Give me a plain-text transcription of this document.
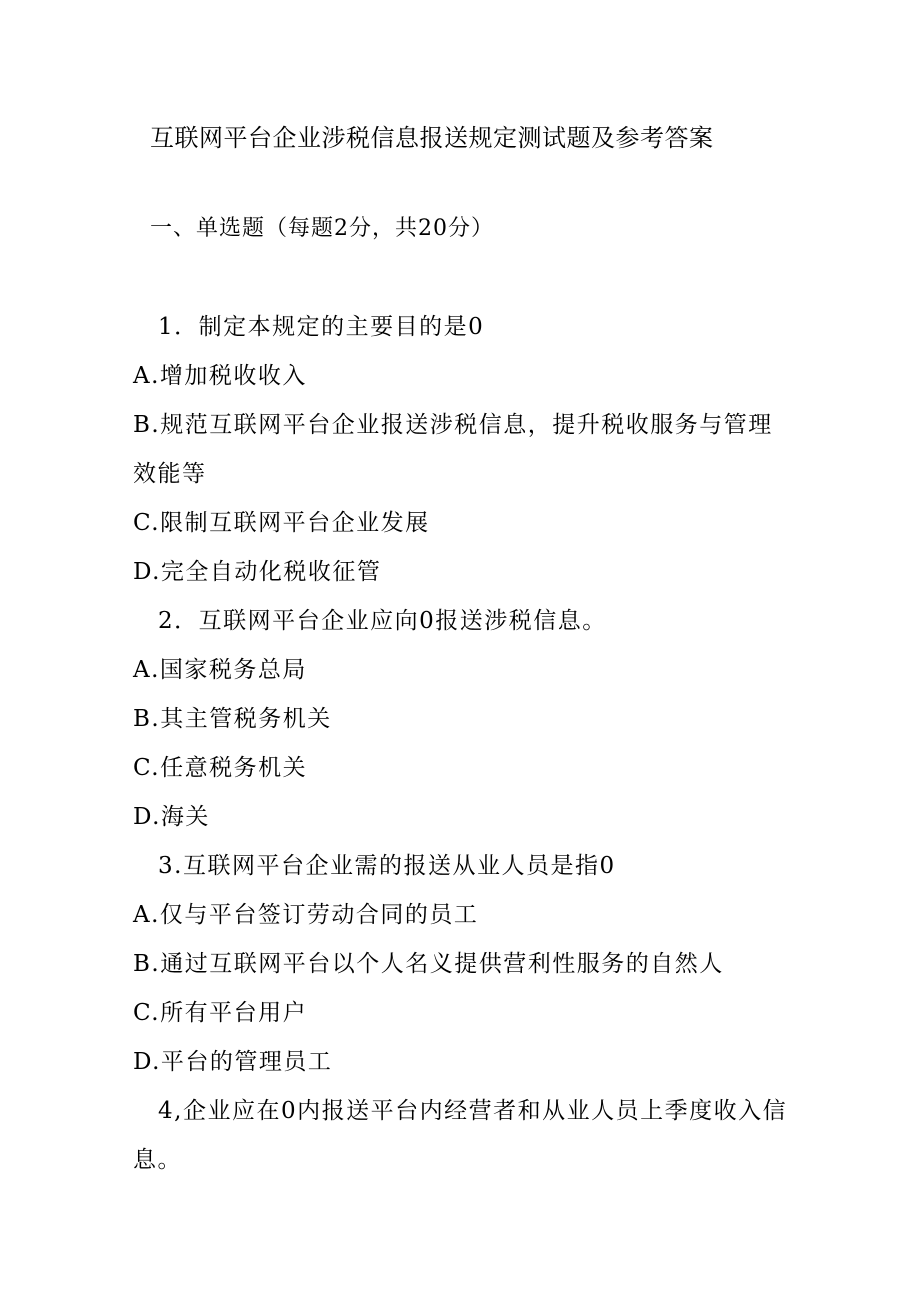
互联网平台企业涉税信息报送规定测试题及参考答案
一、单选题（每题2分，共20分）
1．制定本规定的主要目的是0
A.增加税收收入
B.规范互联网平台企业报送涉税信息，提升税收服务与管理
效能等
C.限制互联网平台企业发展
D.完全自动化税收征管
2．互联网平台企业应向0报送涉税信息。
A.国家税务总局
B.其主管税务机关
C.任意税务机关
D.海关
3.互联网平台企业需的报送从业人员是指0
A.仅与平台签订劳动合同的员工
B.通过互联网平台以个人名义提供营利性服务的自然人
C.所有平台用户
D.平台的管理员工
4,企业应在0内报送平台内经营者和从业人员上季度收入信
息。
